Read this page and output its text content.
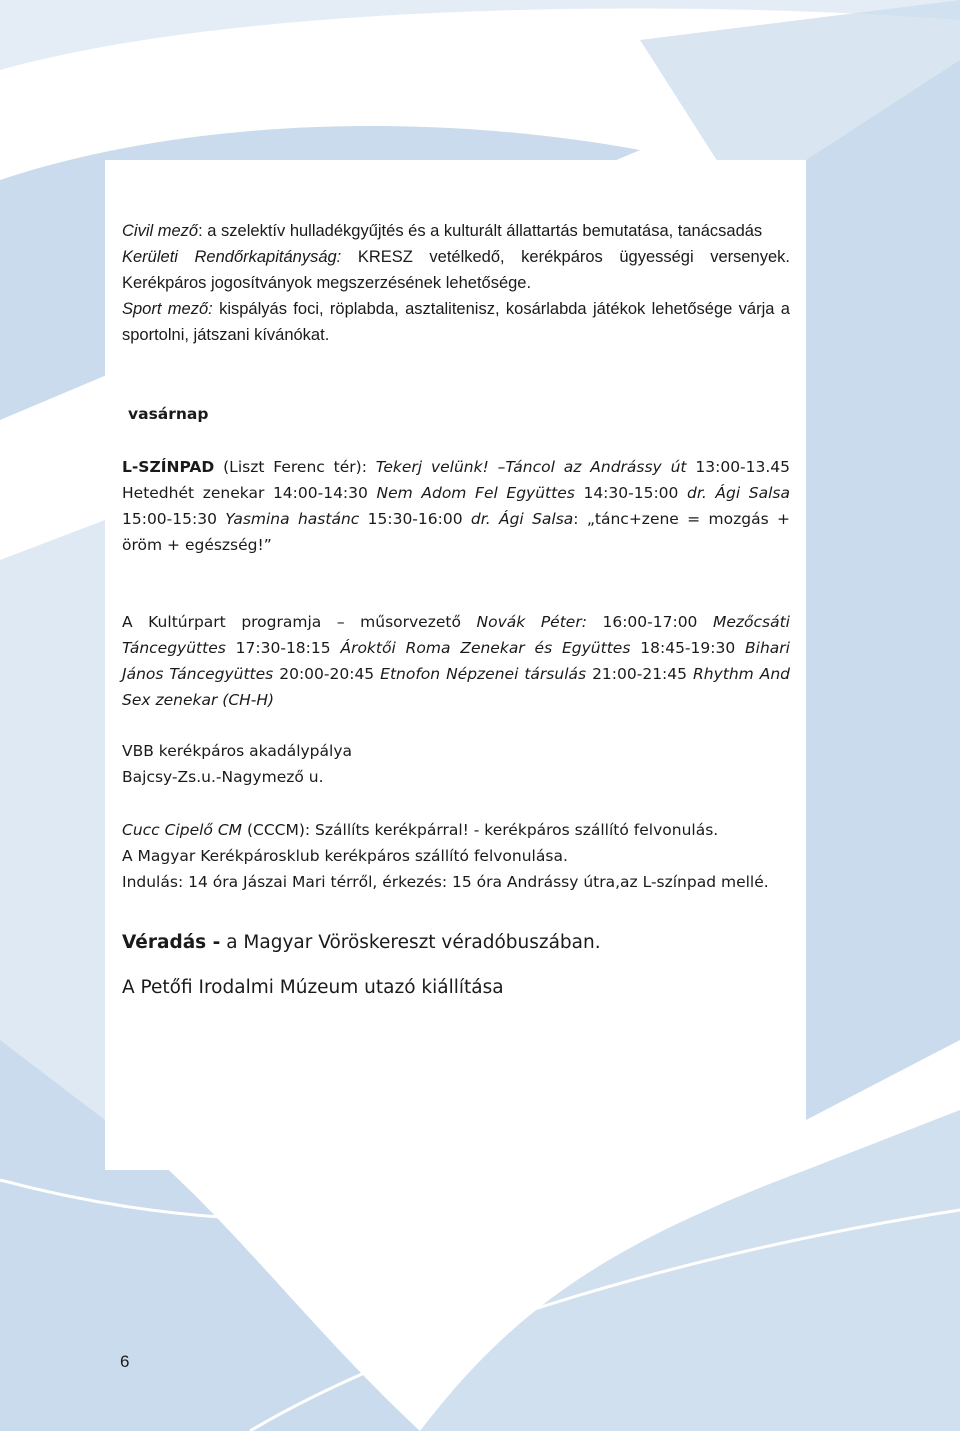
Civil mező: a szelektív hulladékgyűjtés és a kulturált állattartás bemutatása, tanácsadás

Kerületi Rendőrkapitányság: KRESZ vetélkedő, kerékpáros ügyességi versenyek. Kerékpáros jogosítványok megszerzésének lehetősége.

Sport mező: kispályás foci, röplabda, asztalitenisz, kosárlabda játékok lehetősége várja a sportolni, játszani kívánókat.

vasárnap

L-SZÍNPAD (Liszt Ferenc tér): Tekerj velünk! –Táncol az Andrássy út 13:00-13.45 Hetedhét zenekar 14:00-14:30 Nem Adom Fel Együttes 14:30-15:00 dr. Ági Salsa 15:00-15:30 Yasmina hastánc 15:30-16:00 dr. Ági Salsa: „tánc+zene = mozgás + öröm + egészség!”

A Kultúrpart programja – műsorvezető Novák Péter: 16:00-17:00 Mezőcsáti Táncegyüttes 17:30-18:15 Ároktői Roma Zenekar és Együttes 18:45-19:30 Bihari János Táncegyüttes 20:00-20:45 Etnofon Népzenei társulás 21:00-21:45 Rhythm And Sex zenekar (CH-H)

VBB kerékpáros akadálypálya
Bajcsy-Zs.u.-Nagymező u.

Cucc Cipelő CM (CCCM): Szállíts kerékpárral! - kerékpáros szállító felvonulás.

A Magyar Kerékpárosklub kerékpáros szállító felvonulása.

Indulás: 14 óra Jászai Mari térről, érkezés: 15 óra Andrássy útra,az L-színpad mellé.

Véradás - a Magyar Vöröskereszt véradóbuszában.

A Petőfi Irodalmi Múzeum utazó kiállítása
6
